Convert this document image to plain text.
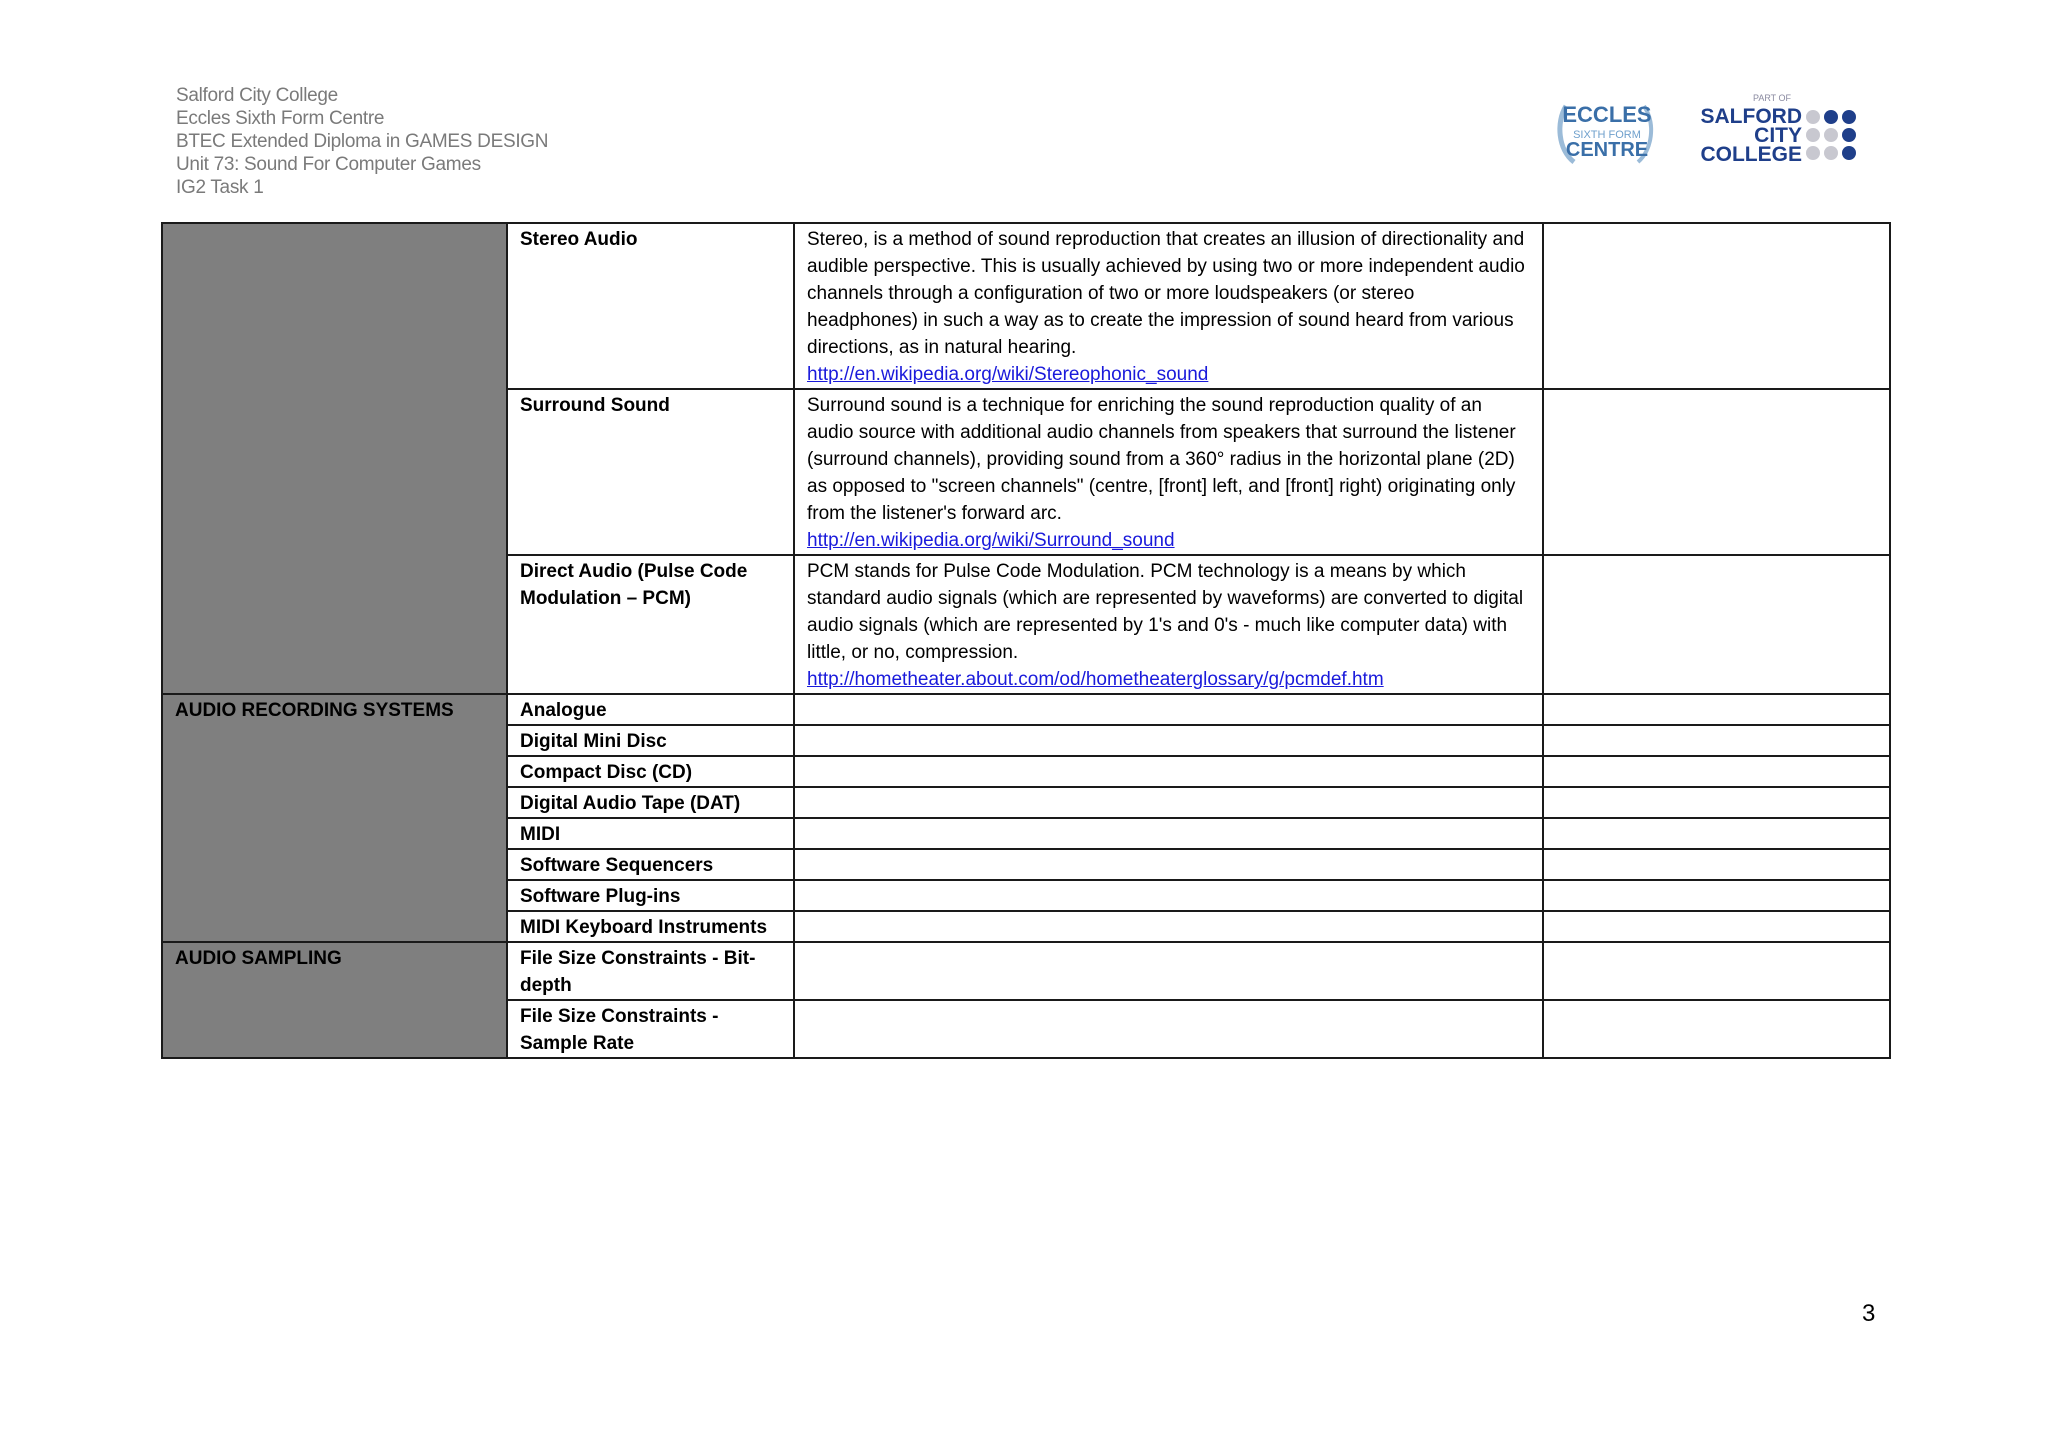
Salford City College
Eccles Sixth Form Centre
BTEC Extended Diploma in GAMES DESIGN
Unit 73: Sound For Computer Games
IG2 Task 1
ECCLES
SIXTH FORM
CENTRE
PART OF
SALFORD
CITY
COLLEGE
	Stereo Audio	Stereo, is a method of sound reproduction that creates an illusion of directionality and audible perspective. This is usually achieved by using two or more independent audio channels through a configuration of two or more loudspeakers (or stereo headphones) in such a way as to create the impression of sound heard from various directions, as in natural hearing.
http://en.wikipedia.org/wiki/Stereophonic_sound	
	Surround Sound	Surround sound is a technique for enriching the sound reproduction quality of an audio source with additional audio channels from speakers that surround the listener (surround channels), providing sound from a 360° radius in the horizontal plane (2D) as opposed to "screen channels" (centre, [front] left, and [front] right) originating only from the listener's forward arc.
http://en.wikipedia.org/wiki/Surround_sound	
	Direct Audio (Pulse Code Modulation – PCM)	PCM stands for Pulse Code Modulation. PCM technology is a means by which standard audio signals (which are represented by waveforms) are converted to digital audio signals (which are represented by 1's and 0's - much like computer data) with little, or no, compression.
http://hometheater.about.com/od/hometheaterglossary/g/pcmdef.htm	
AUDIO RECORDING SYSTEMS	Analogue		
	Digital Mini Disc		
	Compact Disc (CD)		
	Digital Audio Tape (DAT)		
	MIDI		
	Software Sequencers		
	Software Plug-ins		
	MIDI Keyboard Instruments		
AUDIO SAMPLING	File Size Constraints - Bit-depth		
	File Size Constraints - Sample Rate		
3
